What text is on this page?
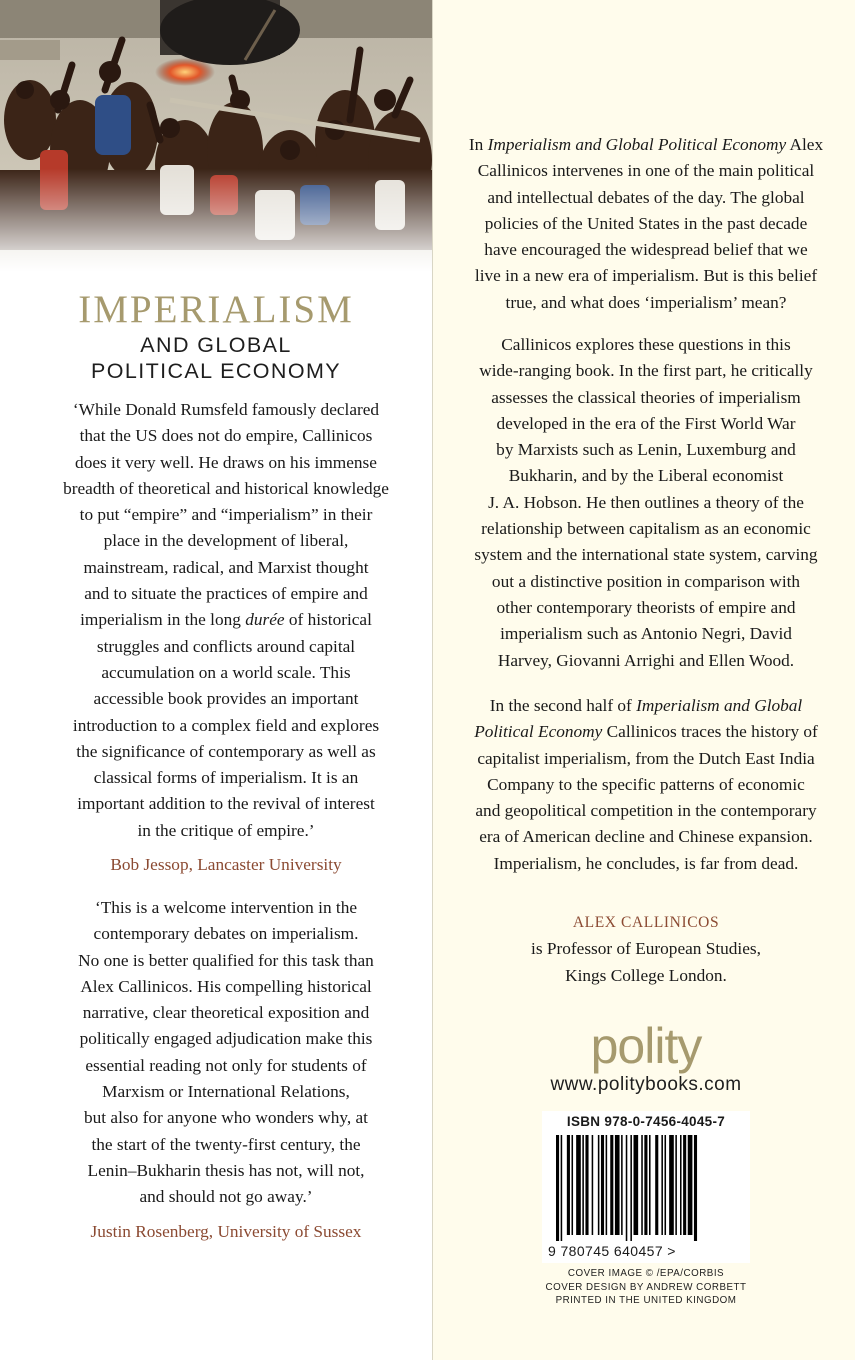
IMPERIALISM
AND GLOBAL
POLITICAL ECONOMY
‘While Donald Rumsfeld famously declared
that the US does not do empire, Callinicos
does it very well. He draws on his immense
breadth of theoretical and historical knowledge
to put “empire” and “imperialism” in their
place in the development of liberal,
mainstream, radical, and Marxist thought
and to situate the practices of empire and
imperialism in the long durée of historical
struggles and conflicts around capital
accumulation on a world scale. This
accessible book provides an important
introduction to a complex field and explores
the significance of contemporary as well as
classical forms of imperialism. It is an
important addition to the revival of interest
in the critique of empire.’
Bob Jessop, Lancaster University
‘This is a welcome intervention in the
contemporary debates on imperialism.
No one is better qualified for this task than
Alex Callinicos. His compelling historical
narrative, clear theoretical exposition and
politically engaged adjudication make this
essential reading not only for students of
Marxism or International Relations,
but also for anyone who wonders why, at
the start of the twenty-first century, the
Lenin–Bukharin thesis has not, will not,
and should not go away.’
Justin Rosenberg, University of Sussex
In Imperialism and Global Political Economy Alex
Callinicos intervenes in one of the main political
and intellectual debates of the day. The global
policies of the United States in the past decade
have encouraged the widespread belief that we
live in a new era of imperialism. But is this belief
true, and what does ‘imperialism’ mean?
Callinicos explores these questions in this
wide-ranging book. In the first part, he critically
assesses the classical theories of imperialism
developed in the era of the First World War
by Marxists such as Lenin, Luxemburg and
Bukharin, and by the Liberal economist
J. A. Hobson. He then outlines a theory of the
relationship between capitalism as an economic
system and the international state system, carving
out a distinctive position in comparison with
other contemporary theorists of empire and
imperialism such as Antonio Negri, David
Harvey, Giovanni Arrighi and Ellen Wood.
In the second half of Imperialism and Global
Political Economy Callinicos traces the history of
capitalist imperialism, from the Dutch East India
Company to the specific patterns of economic
and geopolitical competition in the contemporary
era of American decline and Chinese expansion.
Imperialism, he concludes, is far from dead.
ALEX CALLINICOS
is Professor of European Studies,
Kings College London.
polity
www.politybooks.com
ISBN 978-0-7456-4045-7
9 780745 640457 >
COVER IMAGE © /EPA/CORBIS
COVER DESIGN BY ANDREW CORBETT
PRINTED IN THE UNITED KINGDOM
